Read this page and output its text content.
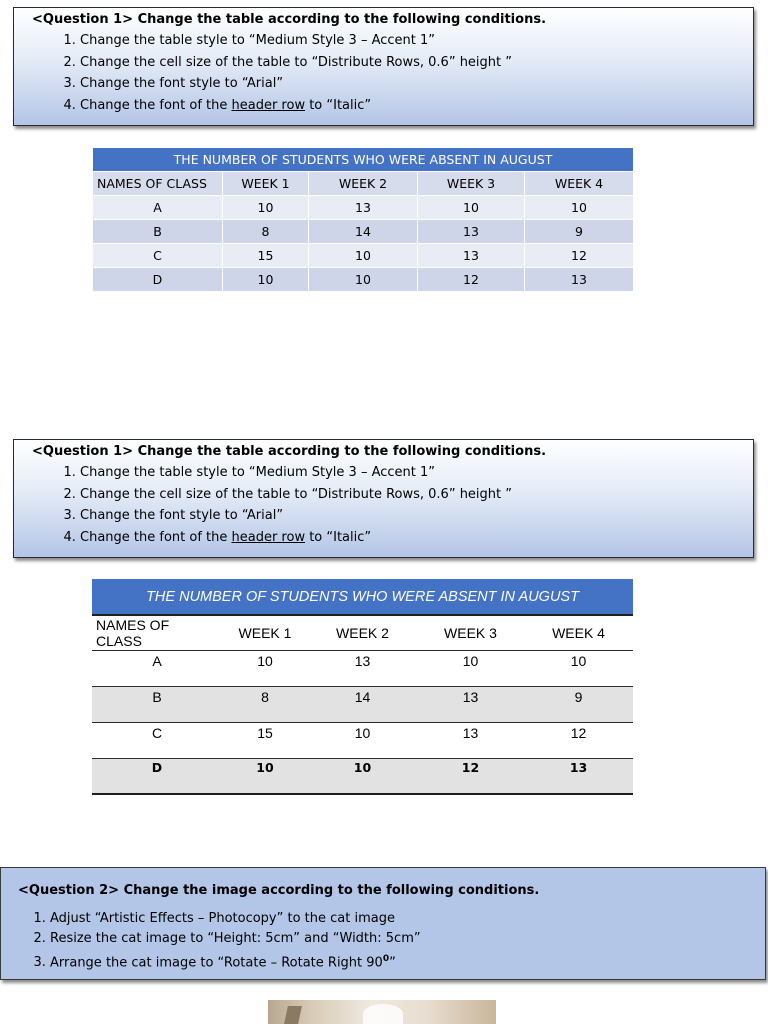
<Question 1> Change the table according to the following conditions.
1. Change the table style to “Medium Style 3 – Accent 1”
2. Change the cell size of the table to “Distribute Rows, 0.6” height ”
3. Change the font style to “Arial”
4. Change the font of the header row to “Italic”
THE NUMBER OF STUDENTS WHO WERE ABSENT IN AUGUST				
NAMES OF CLASS	WEEK 1	WEEK 2	WEEK 3	WEEK 4
A	10	13	10	10
B	8	14	13	9
C	15	10	13	12
D	10	10	12	13
<Question 1> Change the table according to the following conditions.
1. Change the table style to “Medium Style 3 – Accent 1”
2. Change the cell size of the table to “Distribute Rows, 0.6” height ”
3. Change the font style to “Arial”
4. Change the font of the header row to “Italic”
THE NUMBER OF STUDENTS WHO WERE ABSENT IN AUGUST				
NAMES OF CLASS	WEEK 1	WEEK 2	WEEK 3	WEEK 4
A	10	13	10	10
B	8	14	13	9
C	15	10	13	12
D	10	10	12	13
<Question 2> Change the image according to the following conditions.
1. Adjust “Artistic Effects – Photocopy” to the cat image
2. Resize the cat image to “Height: 5cm” and “Width: 5cm”
3. Arrange the cat image to “Rotate – Rotate Right $90^0$”
